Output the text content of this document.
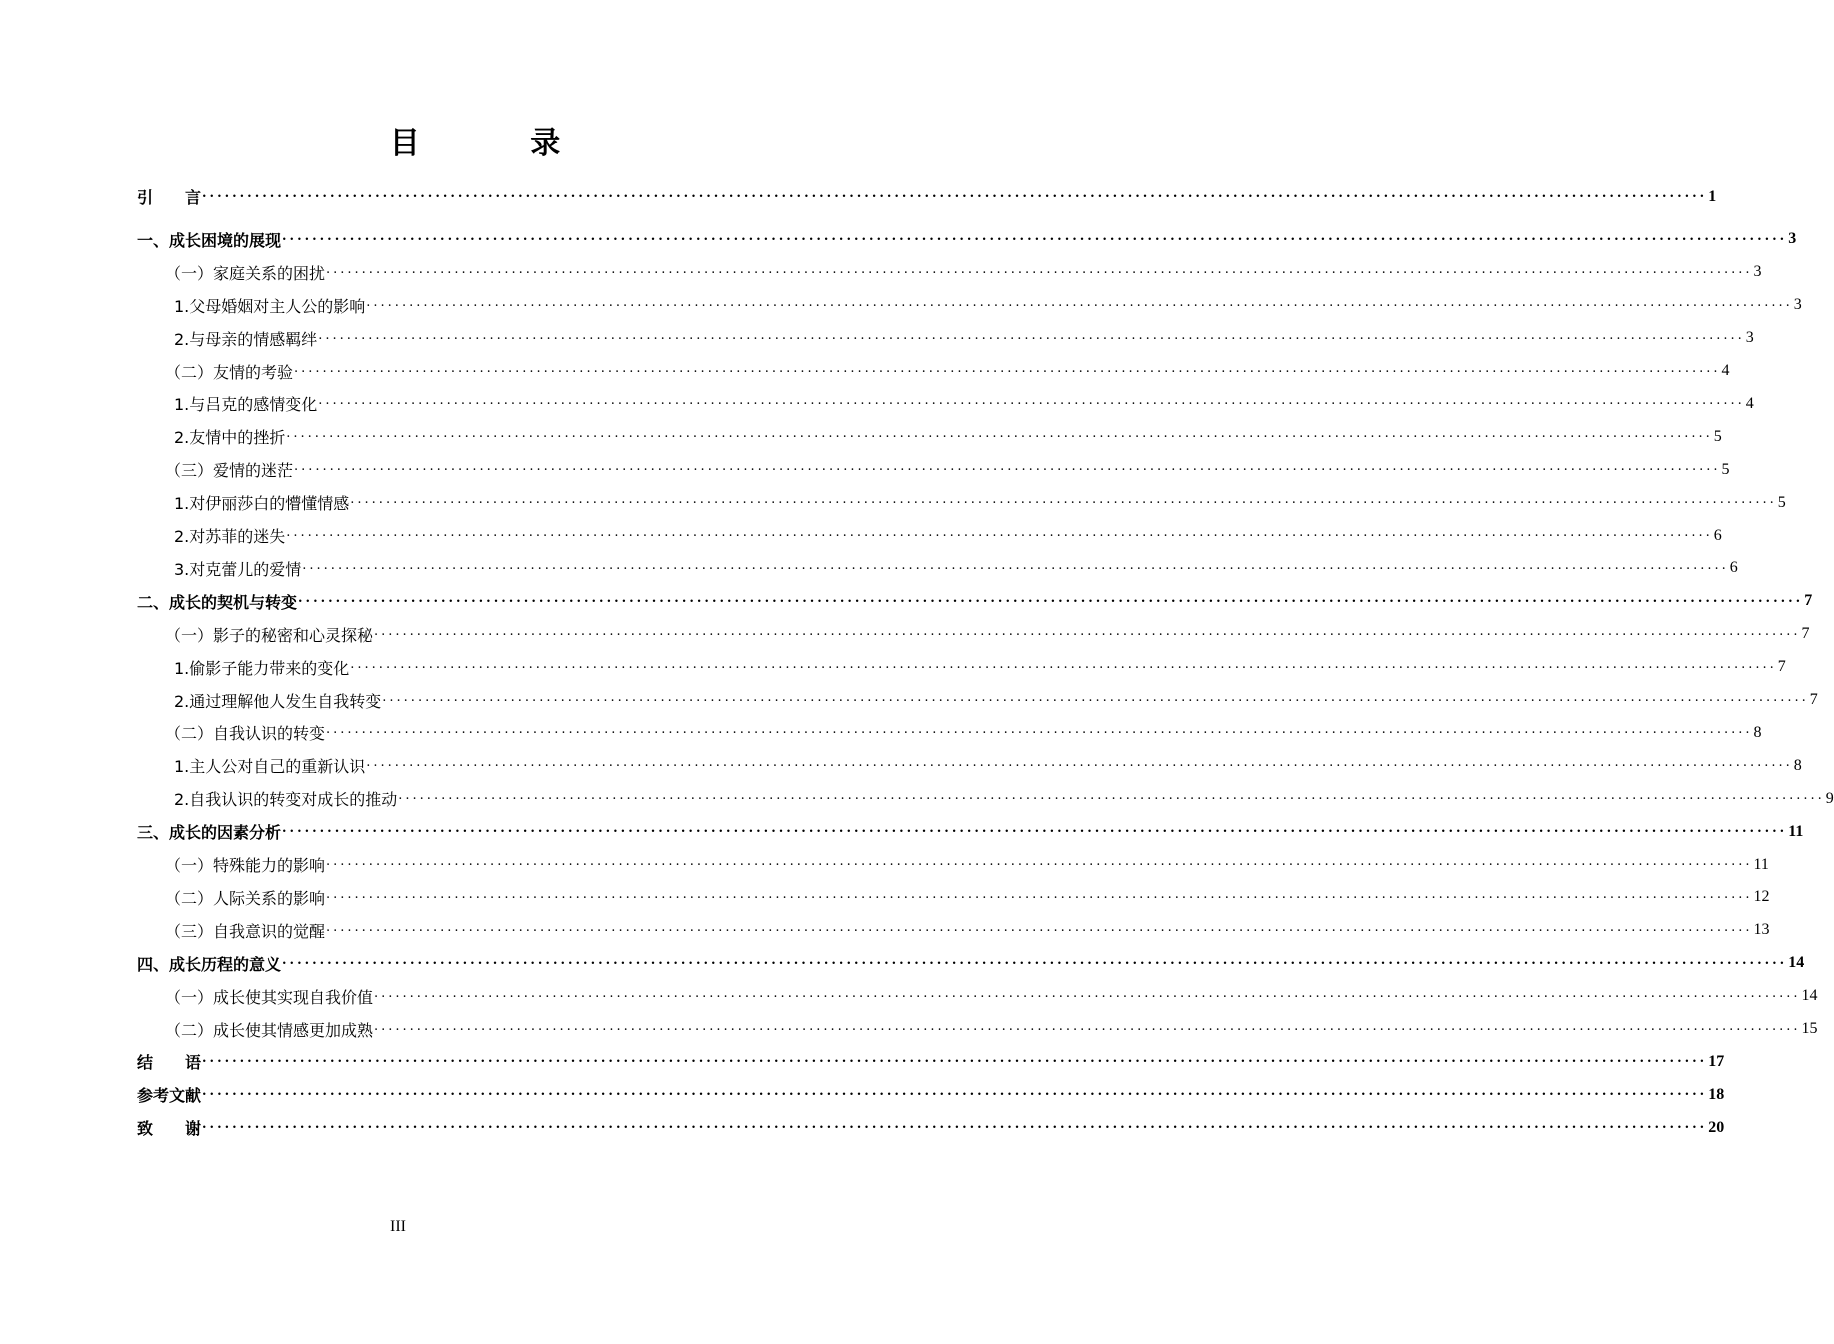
目 录
引　　言 ........................................................................................................................................................................................................ 1
一、成长困境的展现 ........................................................................................................................................................................................................ 3
（一）家庭关系的困扰 ........................................................................................................................................................................................................ 3
1.父母婚姻对主人公的影响 ........................................................................................................................................................................................................ 3
2.与母亲的情感羁绊 ........................................................................................................................................................................................................ 3
（二）友情的考验 ........................................................................................................................................................................................................ 4
1.与吕克的感情变化 ........................................................................................................................................................................................................ 4
2.友情中的挫折 ........................................................................................................................................................................................................ 5
（三）爱情的迷茫 ........................................................................................................................................................................................................ 5
1.对伊丽莎白的懵懂情感 ........................................................................................................................................................................................................ 5
2.对苏菲的迷失 ........................................................................................................................................................................................................ 6
3.对克蕾儿的爱情 ........................................................................................................................................................................................................ 6
二、成长的契机与转变 ........................................................................................................................................................................................................ 7
（一）影子的秘密和心灵探秘 ........................................................................................................................................................................................................ 7
1.偷影子能力带来的变化 ........................................................................................................................................................................................................ 7
2.通过理解他人发生自我转变 ........................................................................................................................................................................................................ 7
（二）自我认识的转变 ........................................................................................................................................................................................................ 8
1.主人公对自己的重新认识 ........................................................................................................................................................................................................ 8
2.自我认识的转变对成长的推动 ........................................................................................................................................................................................................ 9
三、成长的因素分析 ........................................................................................................................................................................................................ 11
（一）特殊能力的影响 ........................................................................................................................................................................................................ 11
（二）人际关系的影响 ........................................................................................................................................................................................................ 12
（三）自我意识的觉醒 ........................................................................................................................................................................................................ 13
四、成长历程的意义 ........................................................................................................................................................................................................ 14
（一）成长使其实现自我价值 ........................................................................................................................................................................................................ 14
（二）成长使其情感更加成熟 ........................................................................................................................................................................................................ 15
结　　语 ........................................................................................................................................................................................................ 17
参考文献 ........................................................................................................................................................................................................ 18
致　　谢 ........................................................................................................................................................................................................ 20
III
